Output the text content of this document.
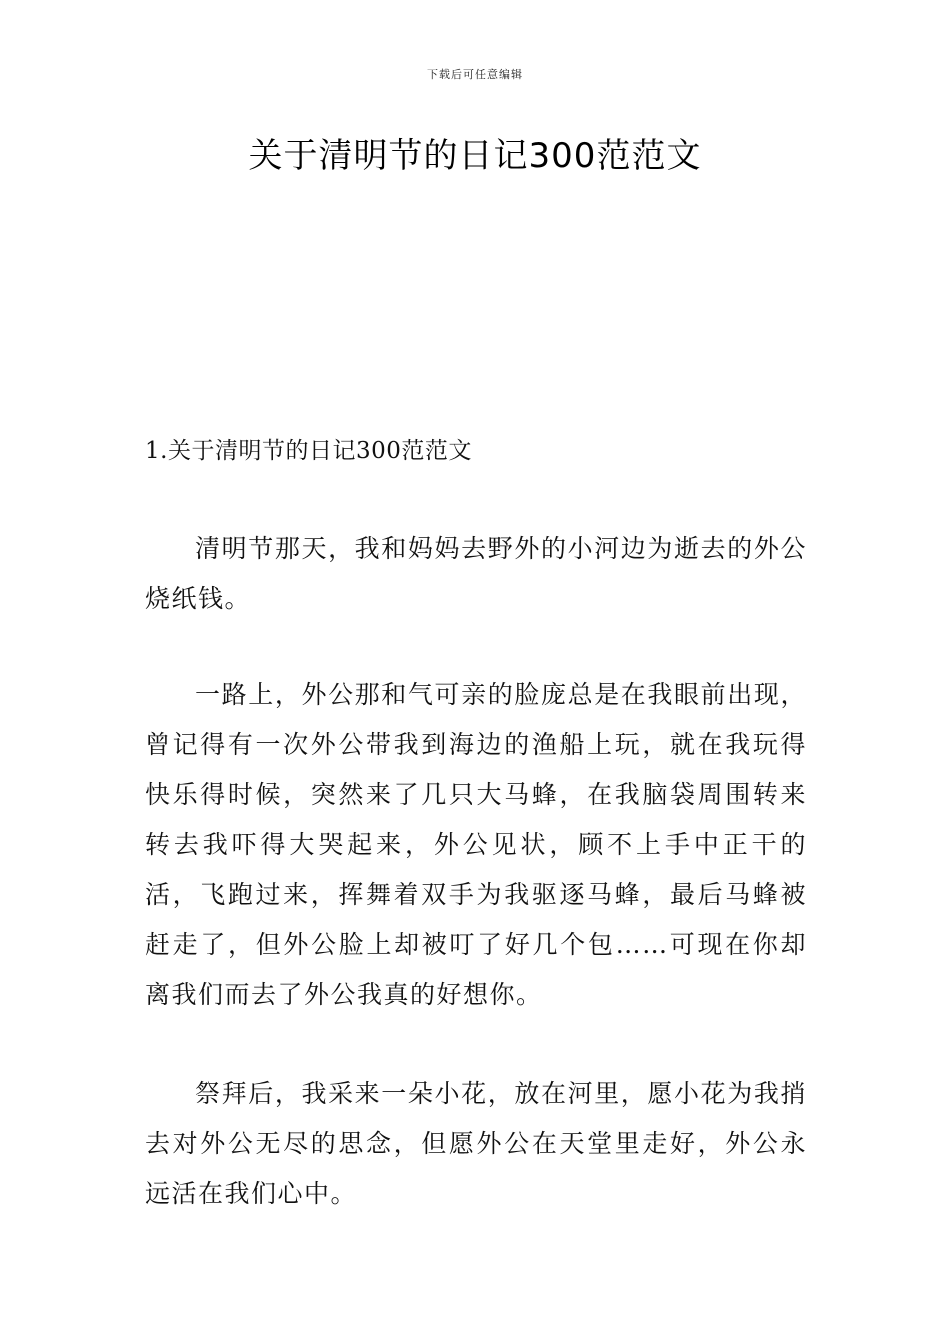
下载后可任意编辑
关于清明节的日记300范范文
1.关于清明节的日记300范范文

清明节那天，我和妈妈去野外的小河边为逝去的外公烧纸钱。

一路上，外公那和气可亲的脸庞总是在我眼前出现，曾记得有一次外公带我到海边的渔船上玩，就在我玩得快乐得时候，突然来了几只大马蜂，在我脑袋周围转来转去我吓得大哭起来，外公见状，顾不上手中正干的活，飞跑过来，挥舞着双手为我驱逐马蜂，最后马蜂被赶走了，但外公脸上却被叮了好几个包……可现在你却离我们而去了外公我真的好想你。

祭拜后，我采来一朵小花，放在河里，愿小花为我捎去对外公无尽的思念，但愿外公在天堂里走好，外公永远活在我们心中。
